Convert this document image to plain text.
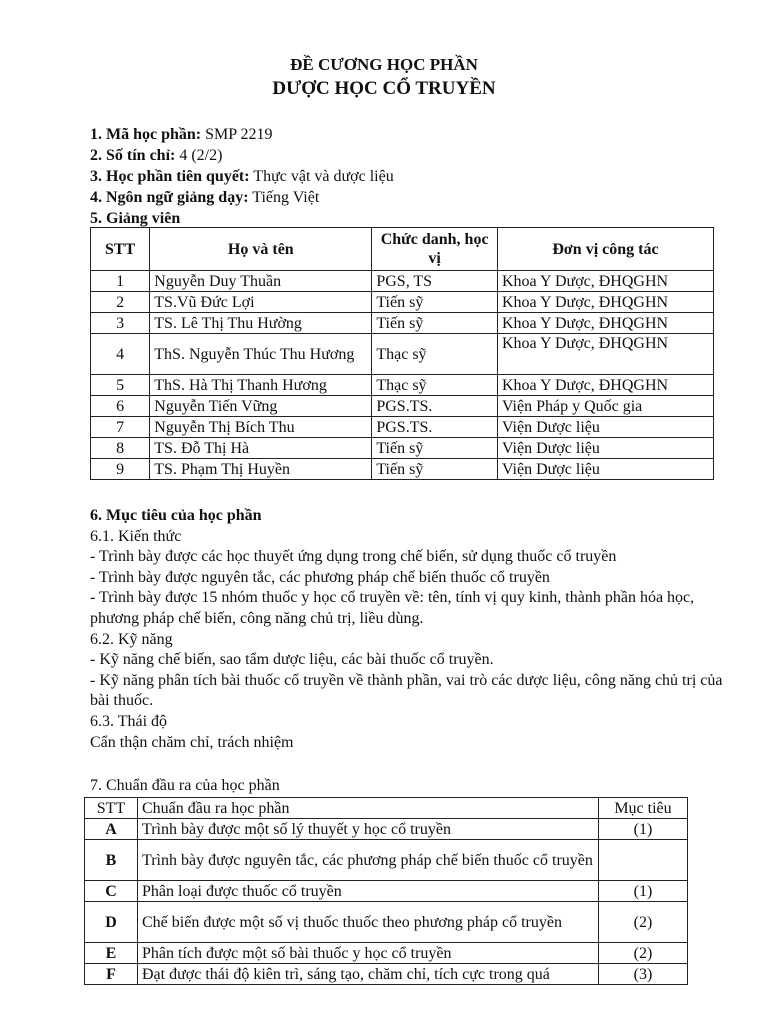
ĐỀ CƯƠNG HỌC PHẦN
DƯỢC HỌC CỔ TRUYỀN
1. Mã học phần: SMP 2219
2. Số tín chỉ: 4 (2/2)
3. Học phần tiên quyết: Thực vật và dược liệu
4. Ngôn ngữ giảng dạy: Tiếng Việt
5. Giảng viên
STT	Họ và tên	Chức danh, học vị	Đơn vị công tác
1	Nguyễn Duy Thuần	PGS, TS	Khoa Y Dược, ĐHQGHN
2	TS.Vũ Đức Lợi	Tiến sỹ	Khoa Y Dược, ĐHQGHN
3	TS. Lê Thị Thu Hường	Tiến sỹ	Khoa Y Dược, ĐHQGHN
4	ThS. Nguyễn Thúc Thu Hương	Thạc sỹ	Khoa Y Dược, ĐHQGHN
5	ThS. Hà Thị Thanh Hương	Thạc sỹ	Khoa Y Dược, ĐHQGHN
6	Nguyễn Tiến Vững	PGS.TS.	Viện Pháp y Quốc gia
7	Nguyễn Thị Bích Thu	PGS.TS.	Viện Dược liệu
8	TS. Đỗ Thị Hà	Tiến sỹ	Viện Dược liệu
9	TS. Phạm Thị Huyền	Tiến sỹ	Viện Dược liệu
6. Mục tiêu của học phần
6.1. Kiến thức
- Trình bày được các học thuyết ứng dụng trong chế biến, sử dụng thuốc cổ truyền
- Trình bày được nguyên tắc, các phương pháp chế biến thuốc cổ truyền
- Trình bày được 15 nhóm thuốc y học cổ truyền về: tên, tính vị quy kinh, thành phần hóa học, phương pháp chế biến, công năng chủ trị, liều dùng.
6.2. Kỹ năng
- Kỹ năng chế biến, sao tẩm dược liệu, các bài thuốc cổ truyền.
- Kỹ năng phân tích bài thuốc cổ truyền về thành phần, vai trò các dược liệu, công năng chủ trị của bài thuốc.
6.3. Thái độ
Cẩn thận chăm chỉ, trách nhiệm
7. Chuẩn đầu ra của học phần
STT	Chuẩn đầu ra học phần	Mục tiêu
A	Trình bày được một số lý thuyết y học cổ truyền	(1)
B	Trình bày được nguyên tắc, các phương pháp chế biến thuốc cổ truyền	
C	Phân loại được thuốc cổ truyền	(1)
D	Chế biến được một số vị thuốc thuốc theo phương pháp cổ truyền	(2)
E	Phân tích được một số bài thuốc y học cổ truyền	(2)
F	Đạt được thái độ kiên trì, sáng tạo, chăm chỉ, tích cực trong quá	(3)
